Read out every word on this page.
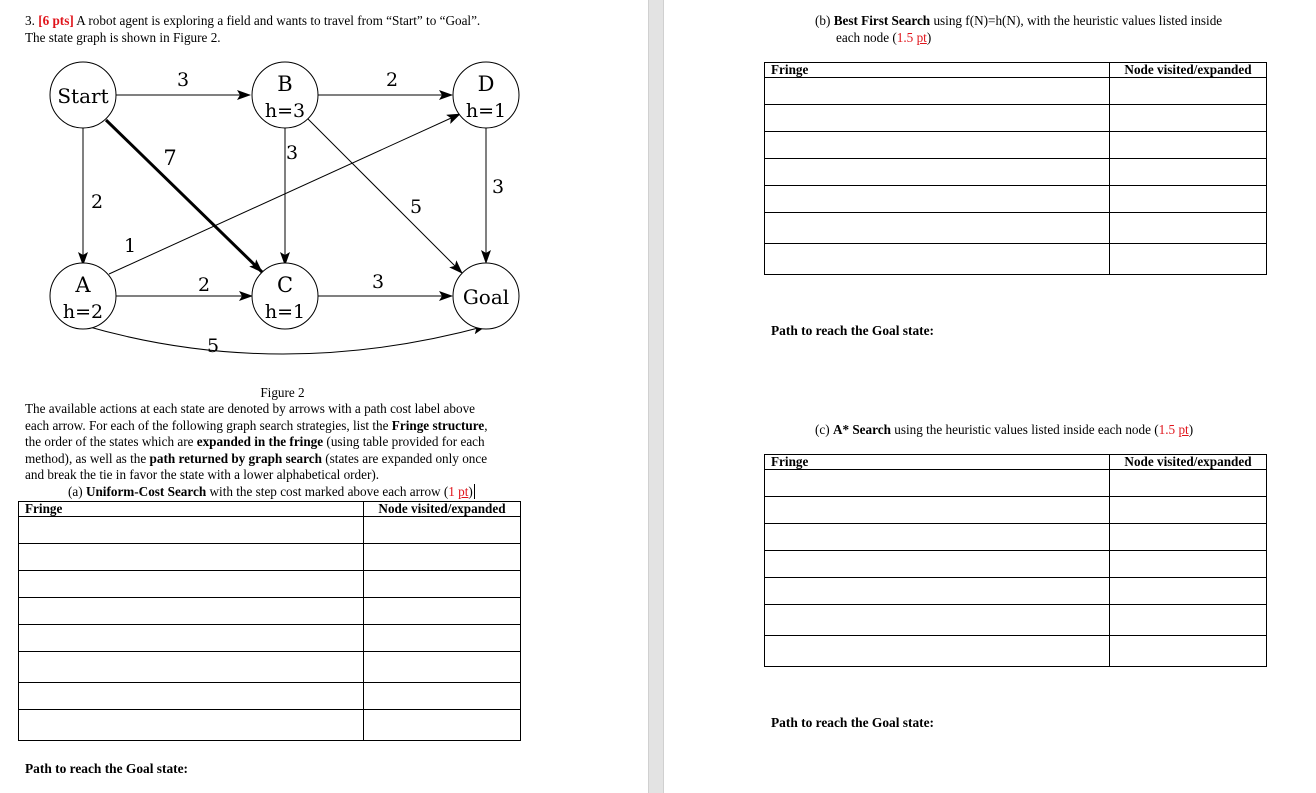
3. [6 pts] A robot agent is exploring a field and wants to travel from “Start” to “Goal”.
The state graph is shown in Figure 2.
Start	B
h=3
D
h=1
A
h=2
C
h=1
Goal
3	2
7	3
5
3
2
1
2	3
5
Figure 2
The available actions at each state are denoted by arrows with a path cost label above
each arrow. For each of the following graph search strategies, list the Fringe structure,
the order of the states which are expanded in the fringe (using table provided for each
method), as well as the path returned by graph search (states are expanded only once
and break the tie in favor the state with a lower alphabetical order).
(a) Uniform-Cost Search with the step cost marked above each arrow (1 pt)
Fringe	Node visited/expanded

Path to reach the Goal state:
(b) Best First Search using f(N)=h(N), with the heuristic values listed inside
each node (1.5 pt)
Fringe	Node visited/expanded

Path to reach the Goal state:
(c) A* Search using the heuristic values listed inside each node (1.5 pt)
Fringe	Node visited/expanded

Path to reach the Goal state:
